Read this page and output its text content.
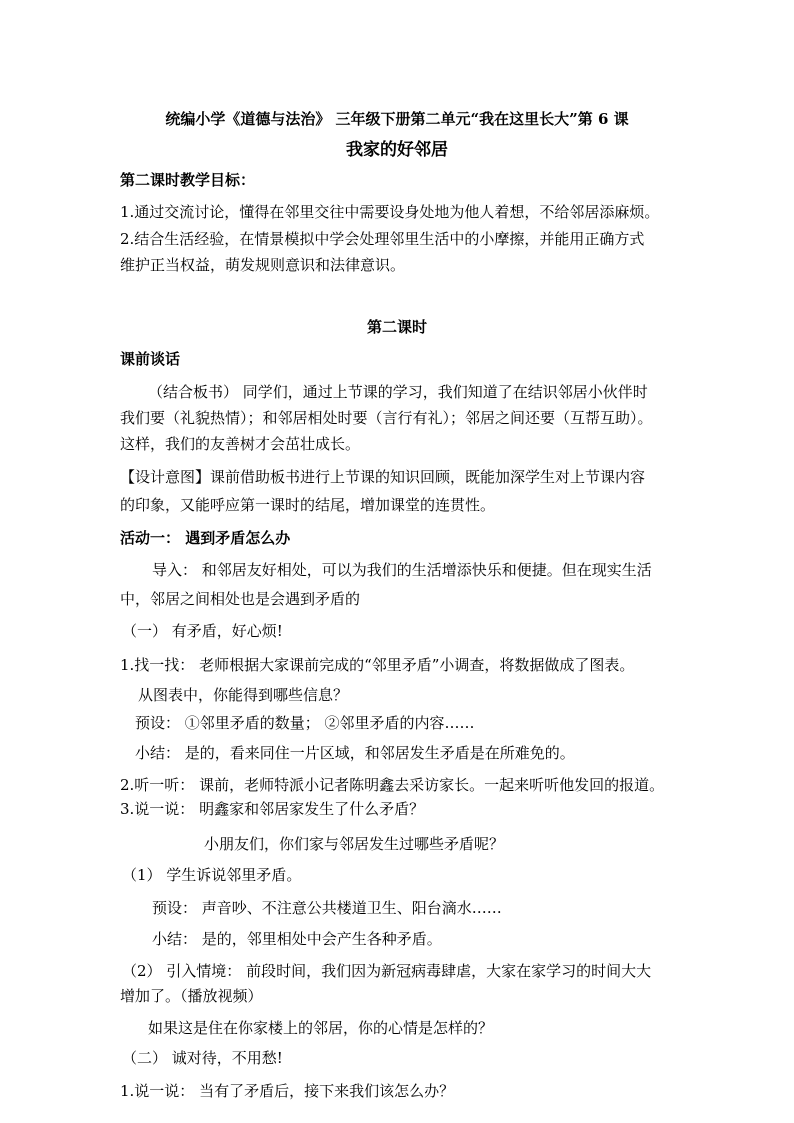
统编小学《道德与法治》 三年级下册第二单元“我在这里长大”第 6 课
我家的好邻居
第二课时教学目标：
1.通过交流讨论，懂得在邻里交往中需要设身处地为他人着想，不给邻居添麻烦。
2.结合生活经验，在情景模拟中学会处理邻里生活中的小摩擦，并能用正确方式
维护正当权益，萌发规则意识和法律意识。
第二课时
课前谈话
（结合板书） 同学们，通过上节课的学习，我们知道了在结识邻居小伙伴时
我们要（礼貌热情）；和邻居相处时要（言行有礼）；邻居之间还要（互帮互助）。
这样，我们的友善树才会茁壮成长。
【设计意图】课前借助板书进行上节课的知识回顾，既能加深学生对上节课内容
的印象，又能呼应第一课时的结尾，增加课堂的连贯性。
活动一： 遇到矛盾怎么办
导入： 和邻居友好相处，可以为我们的生活增添快乐和便捷。但在现实生活
中，邻居之间相处也是会遇到矛盾的
（一） 有矛盾，好心烦!
1.找一找： 老师根据大家课前完成的“邻里矛盾”小调查，将数据做成了图表。
从图表中，你能得到哪些信息？
预设： ①邻里矛盾的数量； ②邻里矛盾的内容……
小结： 是的，看来同住一片区域，和邻居发生矛盾是在所难免的。
2.听一听： 课前，老师特派小记者陈明鑫去采访家长。一起来听听他发回的报道。
3.说一说： 明鑫家和邻居家发生了什么矛盾？
小朋友们，你们家与邻居发生过哪些矛盾呢？
（1） 学生诉说邻里矛盾。
预设： 声音吵、不注意公共楼道卫生、阳台滴水……
小结： 是的，邻里相处中会产生各种矛盾。
（2） 引入情境： 前段时间，我们因为新冠病毒肆虐，大家在家学习的时间大大
增加了。（播放视频）
如果这是住在你家楼上的邻居，你的心情是怎样的？
（二） 诚对待，不用愁!
1.说一说： 当有了矛盾后，接下来我们该怎么办？
